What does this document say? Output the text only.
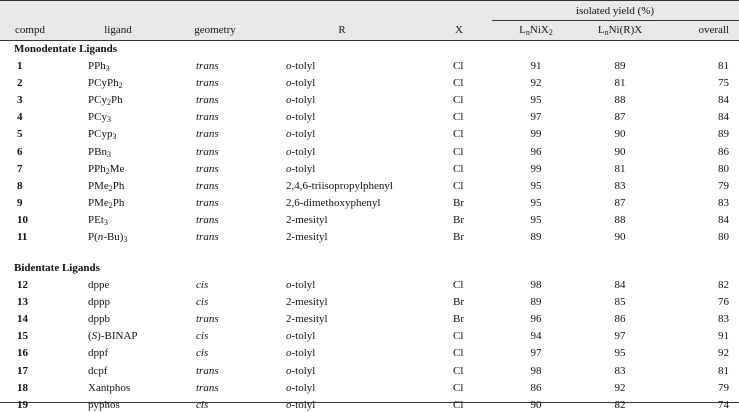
isolated yield (%)
compd	ligand	geometry	R	X	$L_nNiX_2$	$L_nNi(R)X$	overall
Monodentate Ligands
1	PPh$_3$	trans	o-tolyl	Cl	91	89	81
2	PCyPh$_2$	trans	o-tolyl	Cl	92	81	75
3	PCy$_2$Ph	trans	o-tolyl	Cl	95	88	84
4	PCy$_3$	trans	o-tolyl	Cl	97	87	84
5	PCyp$_3$	trans	o-tolyl	Cl	99	90	89
6	PBn$_3$	trans	o-tolyl	Cl	96	90	86
7	PPh$_2$Me	trans	o-tolyl	Cl	99	81	80
8	PMe$_2$Ph	trans	2,4,6-triisopropylphenyl	Cl	95	83	79
9	PMe$_2$Ph	trans	2,6-dimethoxyphenyl	Br	95	87	83
10	PEt$_3$	trans	2-mesityl	Br	95	88	84
11	$P(n-Bu)_3$	trans	2-mesityl	Br	89	90	80
Bidentate Ligands
12	dppe	cis	o-tolyl	Cl	98	84	82
13	dppp	cis	2-mesityl	Br	89	85	76
14	dppb	trans	2-mesityl	Br	96	86	83
15	(S)-BINAP	cis	o-tolyl	Cl	94	97	91
16	dppf	cis	o-tolyl	Cl	97	95	92
17	dcpf	trans	o-tolyl	Cl	98	83	81
18	Xantphos	trans	o-tolyl	Cl	86	92	79
19	pyphos	cis	o-tolyl	Cl	90	82	74
